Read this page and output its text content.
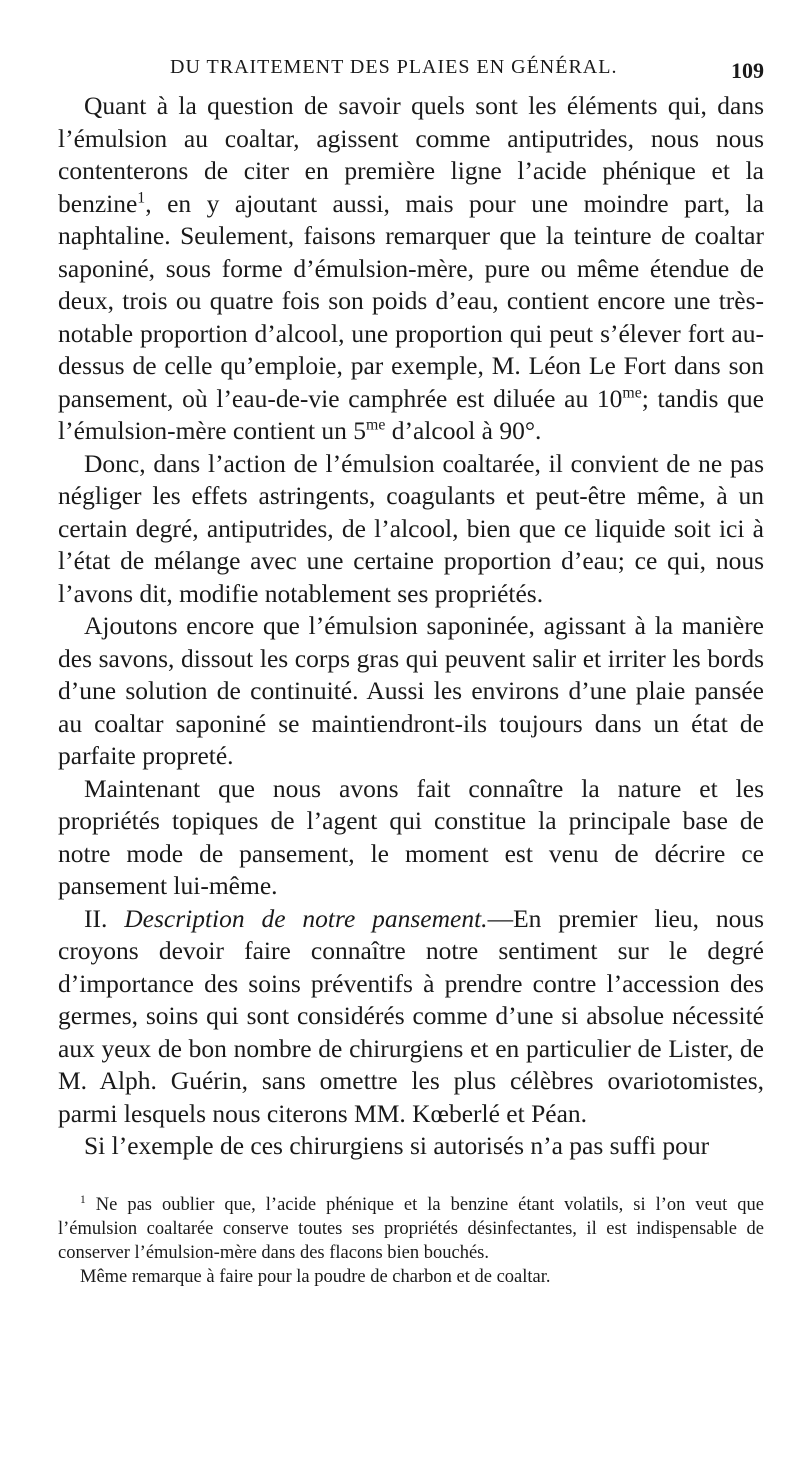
DU TRAITEMENT DES PLAIES EN GÉNÉRAL.	109

Quant à la question de savoir quels sont les éléments qui, dans l’émulsion au coaltar, agissent comme antiputrides, nous nous contenterons de citer en première ligne l’acide phénique et la benzine$^1$, en y ajoutant aussi, mais pour une moindre part, la naphtaline. Seulement, faisons remarquer que la teinture de coaltar saponiné, sous forme d’émulsion-mère, pure ou même étendue de deux, trois ou quatre fois son poids d’eau, contient encore une très-notable proportion d’alcool, une proportion qui peut s’élever fort au-dessus de celle qu’emploie, par exemple, M. Léon Le Fort dans son pansement, où l’eau-de-vie camphrée est diluée au $10^{me}$; tandis que l’émulsion-mère contient un $5^{me}$ d’alcool à 90°.

Donc, dans l’action de l’émulsion coaltarée, il convient de ne pas négliger les effets astringents, coagulants et peut-être même, à un certain degré, antiputrides, de l’alcool, bien que ce liquide soit ici à l’état de mélange avec une certaine proportion d’eau; ce qui, nous l’avons dit, modifie notablement ses propriétés.

Ajoutons encore que l’émulsion saponinée, agissant à la manière des savons, dissout les corps gras qui peuvent salir et irriter les bords d’une solution de continuité. Aussi les environs d’une plaie pansée au coaltar saponiné se maintiendront-ils toujours dans un état de parfaite propreté.

Maintenant que nous avons fait connaître la nature et les propriétés topiques de l’agent qui constitue la principale base de notre mode de pansement, le moment est venu de décrire ce pansement lui-même.

II. Description de notre pansement.—En premier lieu, nous croyons devoir faire connaître notre sentiment sur le degré d’importance des soins préventifs à prendre contre l’accession des germes, soins qui sont considérés comme d’une si absolue nécessité aux yeux de bon nombre de chirurgiens et en particulier de Lister, de M. Alph. Guérin, sans omettre les plus célèbres ovariotomistes, parmi lesquels nous citerons MM. Kœberlé et Péan.

Si l’exemple de ces chirurgiens si autorisés n’a pas suffi pour

$^1$ Ne pas oublier que, l’acide phénique et la benzine étant volatils, si l’on veut que l’émulsion coaltarée conserve toutes ses propriétés désinfectantes, il est indispensable de conserver l’émulsion-mère dans des flacons bien bouchés.

Même remarque à faire pour la poudre de charbon et de coaltar.
